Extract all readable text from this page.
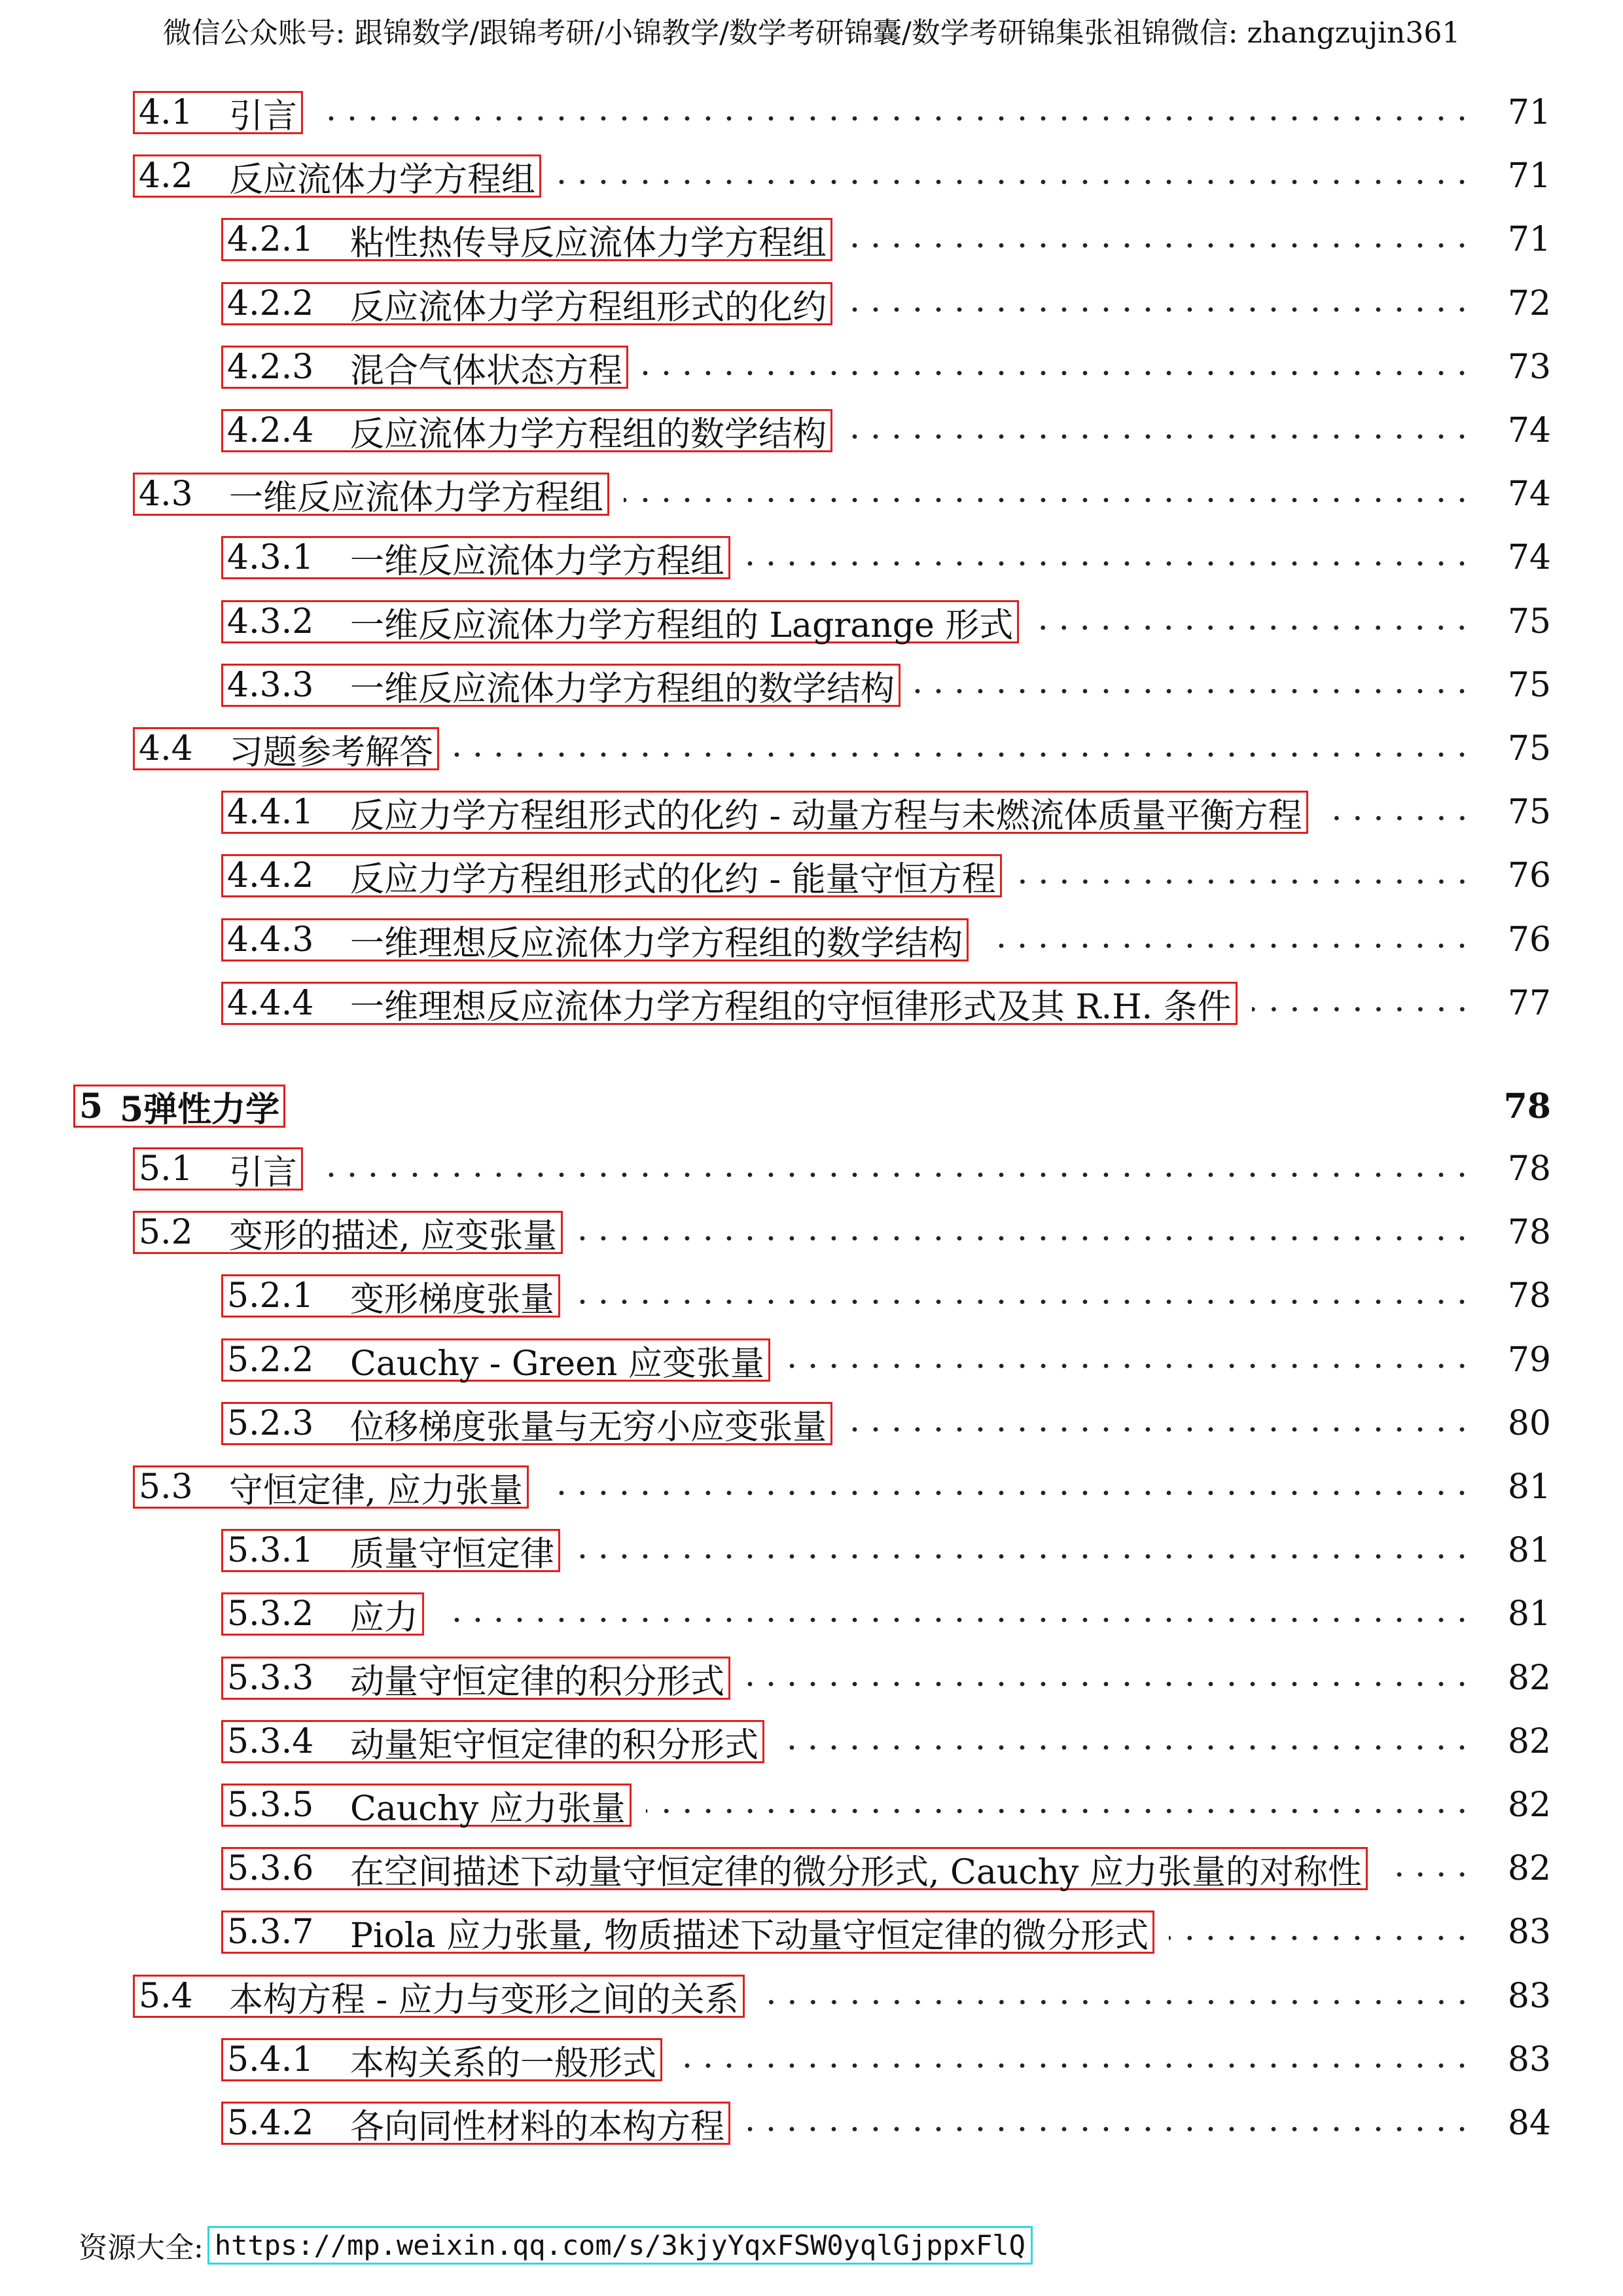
微信公众账号: 跟锦数学/跟锦考研/小锦教学/数学考研锦囊/数学考研锦集张祖锦微信: zhangzujin361
4.1	引言	71
4.2	反应流体力学方程组	71
4.2.1	粘性热传导反应流体力学方程组	71
4.2.2	反应流体力学方程组形式的化约	72
4.2.3	混合气体状态方程	73
4.2.4	反应流体力学方程组的数学结构	74
4.3	一维反应流体力学方程组	74
4.3.1	一维反应流体力学方程组	74
4.3.2	一维反应流体力学方程组的 Lagrange 形式	75
4.3.3	一维反应流体力学方程组的数学结构	75
4.4	习题参考解答	75
4.4.1	反应力学方程组形式的化约 - 动量方程与未燃流体质量平衡方程	75
4.4.2	反应力学方程组形式的化约 - 能量守恒方程	76
4.4.3	一维理想反应流体力学方程组的数学结构	76
4.4.4	一维理想反应流体力学方程组的守恒律形式及其 R.H. 条件	77
5 5弹性力学	78
5.1	引言	78
5.2	变形的描述, 应变张量	78
5.2.1	变形梯度张量	78
5.2.2	Cauchy - Green 应变张量	79
5.2.3	位移梯度张量与无穷小应变张量	80
5.3	守恒定律, 应力张量	81
5.3.1	质量守恒定律	81
5.3.2	应力	81
5.3.3	动量守恒定律的积分形式	82
5.3.4	动量矩守恒定律的积分形式	82
5.3.5	Cauchy 应力张量	82
5.3.6	在空间描述下动量守恒定律的微分形式, Cauchy 应力张量的对称性	82
5.3.7	Piola 应力张量, 物质描述下动量守恒定律的微分形式	83
5.4	本构方程 - 应力与变形之间的关系	83
5.4.1	本构关系的一般形式	83
5.4.2	各向同性材料的本构方程	84
资源大全: https://mp.weixin.qq.com/s/3kjyYqxFSW0yqlGjppxFlQ
